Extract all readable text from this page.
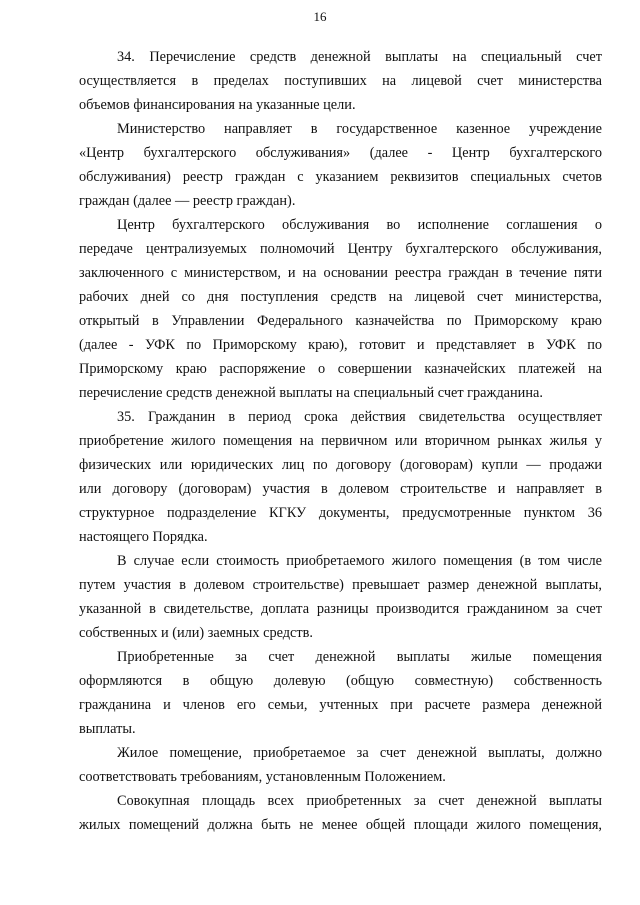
16
34. Перечисление средств денежной выплаты на специальный счет
осуществляется в пределах поступивших на лицевой счет министерства
объемов финансирования на указанные цели.
Министерство направляет в государственное казенное учреждение
«Центр бухгалтерского обслуживания» (далее - Центр бухгалтерского
обслуживания) реестр граждан с указанием реквизитов специальных счетов
граждан (далее — реестр граждан).
Центр бухгалтерского обслуживания во исполнение соглашения о
передаче централизуемых полномочий Центру бухгалтерского обслуживания,
заключенного с министерством, и на основании реестра граждан в течение пяти
рабочих дней со дня поступления средств на лицевой счет министерства,
открытый в Управлении Федерального казначейства по Приморскому краю
(далее - УФК по Приморскому краю), готовит и представляет в УФК по
Приморскому краю распоряжение о совершении казначейских платежей на
перечисление средств денежной выплаты на специальный счет гражданина.
35. Гражданин в период срока действия свидетельства осуществляет
приобретение жилого помещения на первичном или вторичном рынках жилья у
физических или юридических лиц по договору (договорам) купли — продажи
или договору (договорам) участия в долевом строительстве и направляет в
структурное подразделение КГКУ документы, предусмотренные пунктом 36
настоящего Порядка.
В случае если стоимость приобретаемого жилого помещения (в том числе
путем участия в долевом строительстве) превышает размер денежной выплаты,
указанной в свидетельстве, доплата разницы производится гражданином за счет
собственных и (или) заемных средств.
Приобретенные за счет денежной выплаты жилые помещения
оформляются в общую долевую (общую совместную) собственность
гражданина и членов его семьи, учтенных при расчете размера денежной
выплаты.
Жилое помещение, приобретаемое за счет денежной выплаты, должно
соответствовать требованиям, установленным Положением.
Совокупная площадь всех приобретенных за счет денежной выплаты
жилых помещений должна быть не менее общей площади жилого помещения,
